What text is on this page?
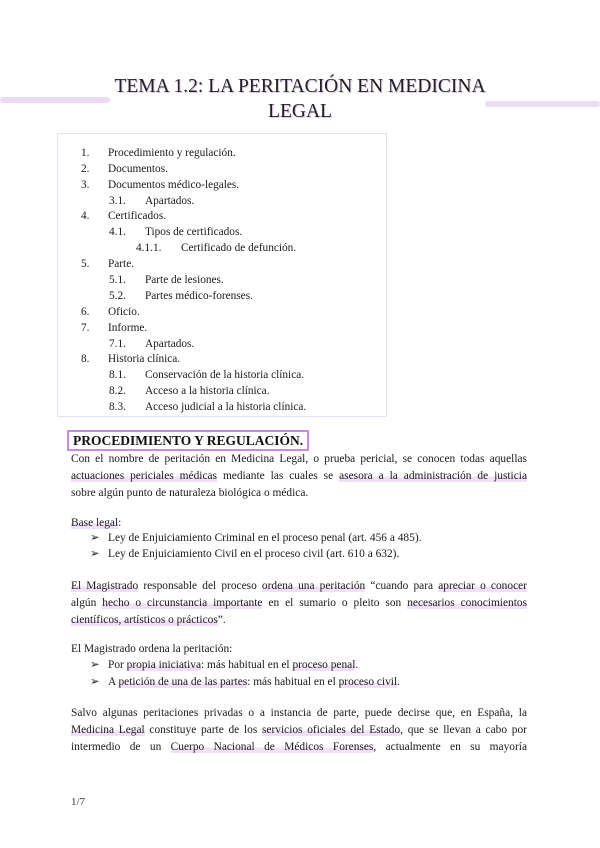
TEMA 1.2: LA PERITACIÓN EN MEDICINA
LEGAL
1. Procedimiento y regulación.
2. Documentos.
3. Documentos médico-legales.
3.1. Apartados.
4. Certificados.
4.1. Tipos de certificados.
4.1.1. Certificado de defunción.
5. Parte.
5.1. Parte de lesiones.
5.2. Partes médico-forenses.
6. Oficio.
7. Informe.
7.1. Apartados.
8. Historia clínica.
8.1. Conservación de la historia clínica.
8.2. Acceso a la historia clínica.
8.3. Acceso judicial a la historia clínica.
PROCEDIMIENTO Y REGULACIÓN.
Con el nombre de peritación en Medicina Legal, o prueba pericial, se conocen todas aquellas
actuaciones periciales médicas mediante las cuales se asesora a la administración de justicia
sobre algún punto de naturaleza biológica o médica.
Base legal:
➢ Ley de Enjuiciamiento Criminal en el proceso penal (art. 456 a 485).
➢ Ley de Enjuiciamiento Civil en el proceso civil (art. 610 a 632).
El Magistrado responsable del proceso ordena una peritación “cuando para apreciar o conocer
algún hecho o circunstancia importante en el sumario o pleito son necesarios conocimientos
científicos, artísticos o prácticos”.
El Magistrado ordena la peritación:
➢ Por propia iniciativa: más habitual en el proceso penal.
➢ A petición de una de las partes: más habitual en el proceso civil.
Salvo algunas peritaciones privadas o a instancia de parte, puede decirse que, en España, la
Medicina Legal constituye parte de los servicios oficiales del Estado, que se llevan a cabo por
intermedio de un Cuerpo Nacional de Médicos Forenses, actualmente en su mayoría
1/7
